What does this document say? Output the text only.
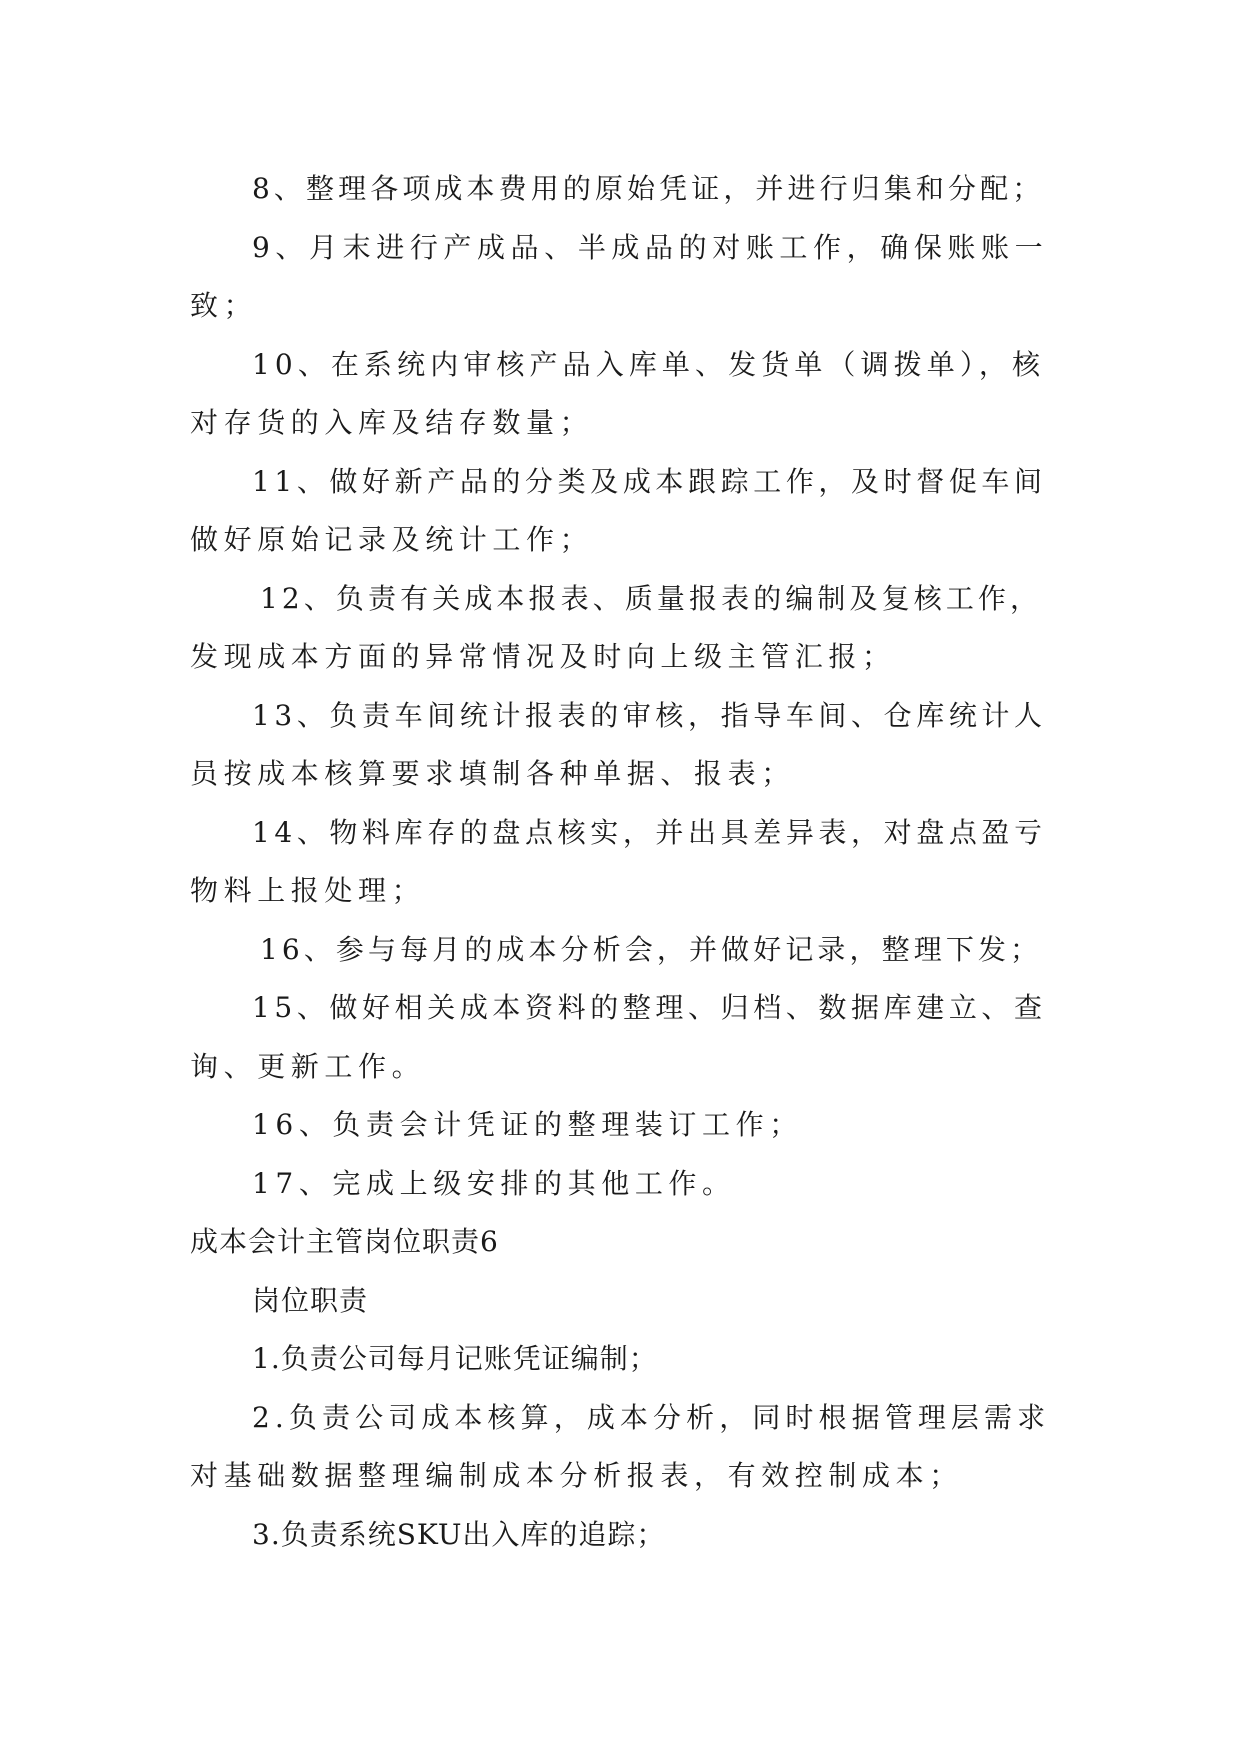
8、整理各项成本费用的原始凭证，并进行归集和分配；
9、月末进行产成品、半成品的对账工作，确保账账一
致；
10、在系统内审核产品入库单、发货单（调拨单），核
对存货的入库及结存数量；
11、做好新产品的分类及成本跟踪工作，及时督促车间
做好原始记录及统计工作；
12、负责有关成本报表、质量报表的编制及复核工作，
发现成本方面的异常情况及时向上级主管汇报；
13、负责车间统计报表的审核，指导车间、仓库统计人
员按成本核算要求填制各种单据、报表；
14、物料库存的盘点核实，并出具差异表，对盘点盈亏
物料上报处理；
16、参与每月的成本分析会，并做好记录，整理下发；
15、做好相关成本资料的整理、归档、数据库建立、查
询、更新工作。
16、负责会计凭证的整理装订工作；
17、完成上级安排的其他工作。
成本会计主管岗位职责6
岗位职责
1.负责公司每月记账凭证编制；
2.负责公司成本核算，成本分析，同时根据管理层需求
对基础数据整理编制成本分析报表，有效控制成本；
3.负责系统SKU出入库的追踪；
